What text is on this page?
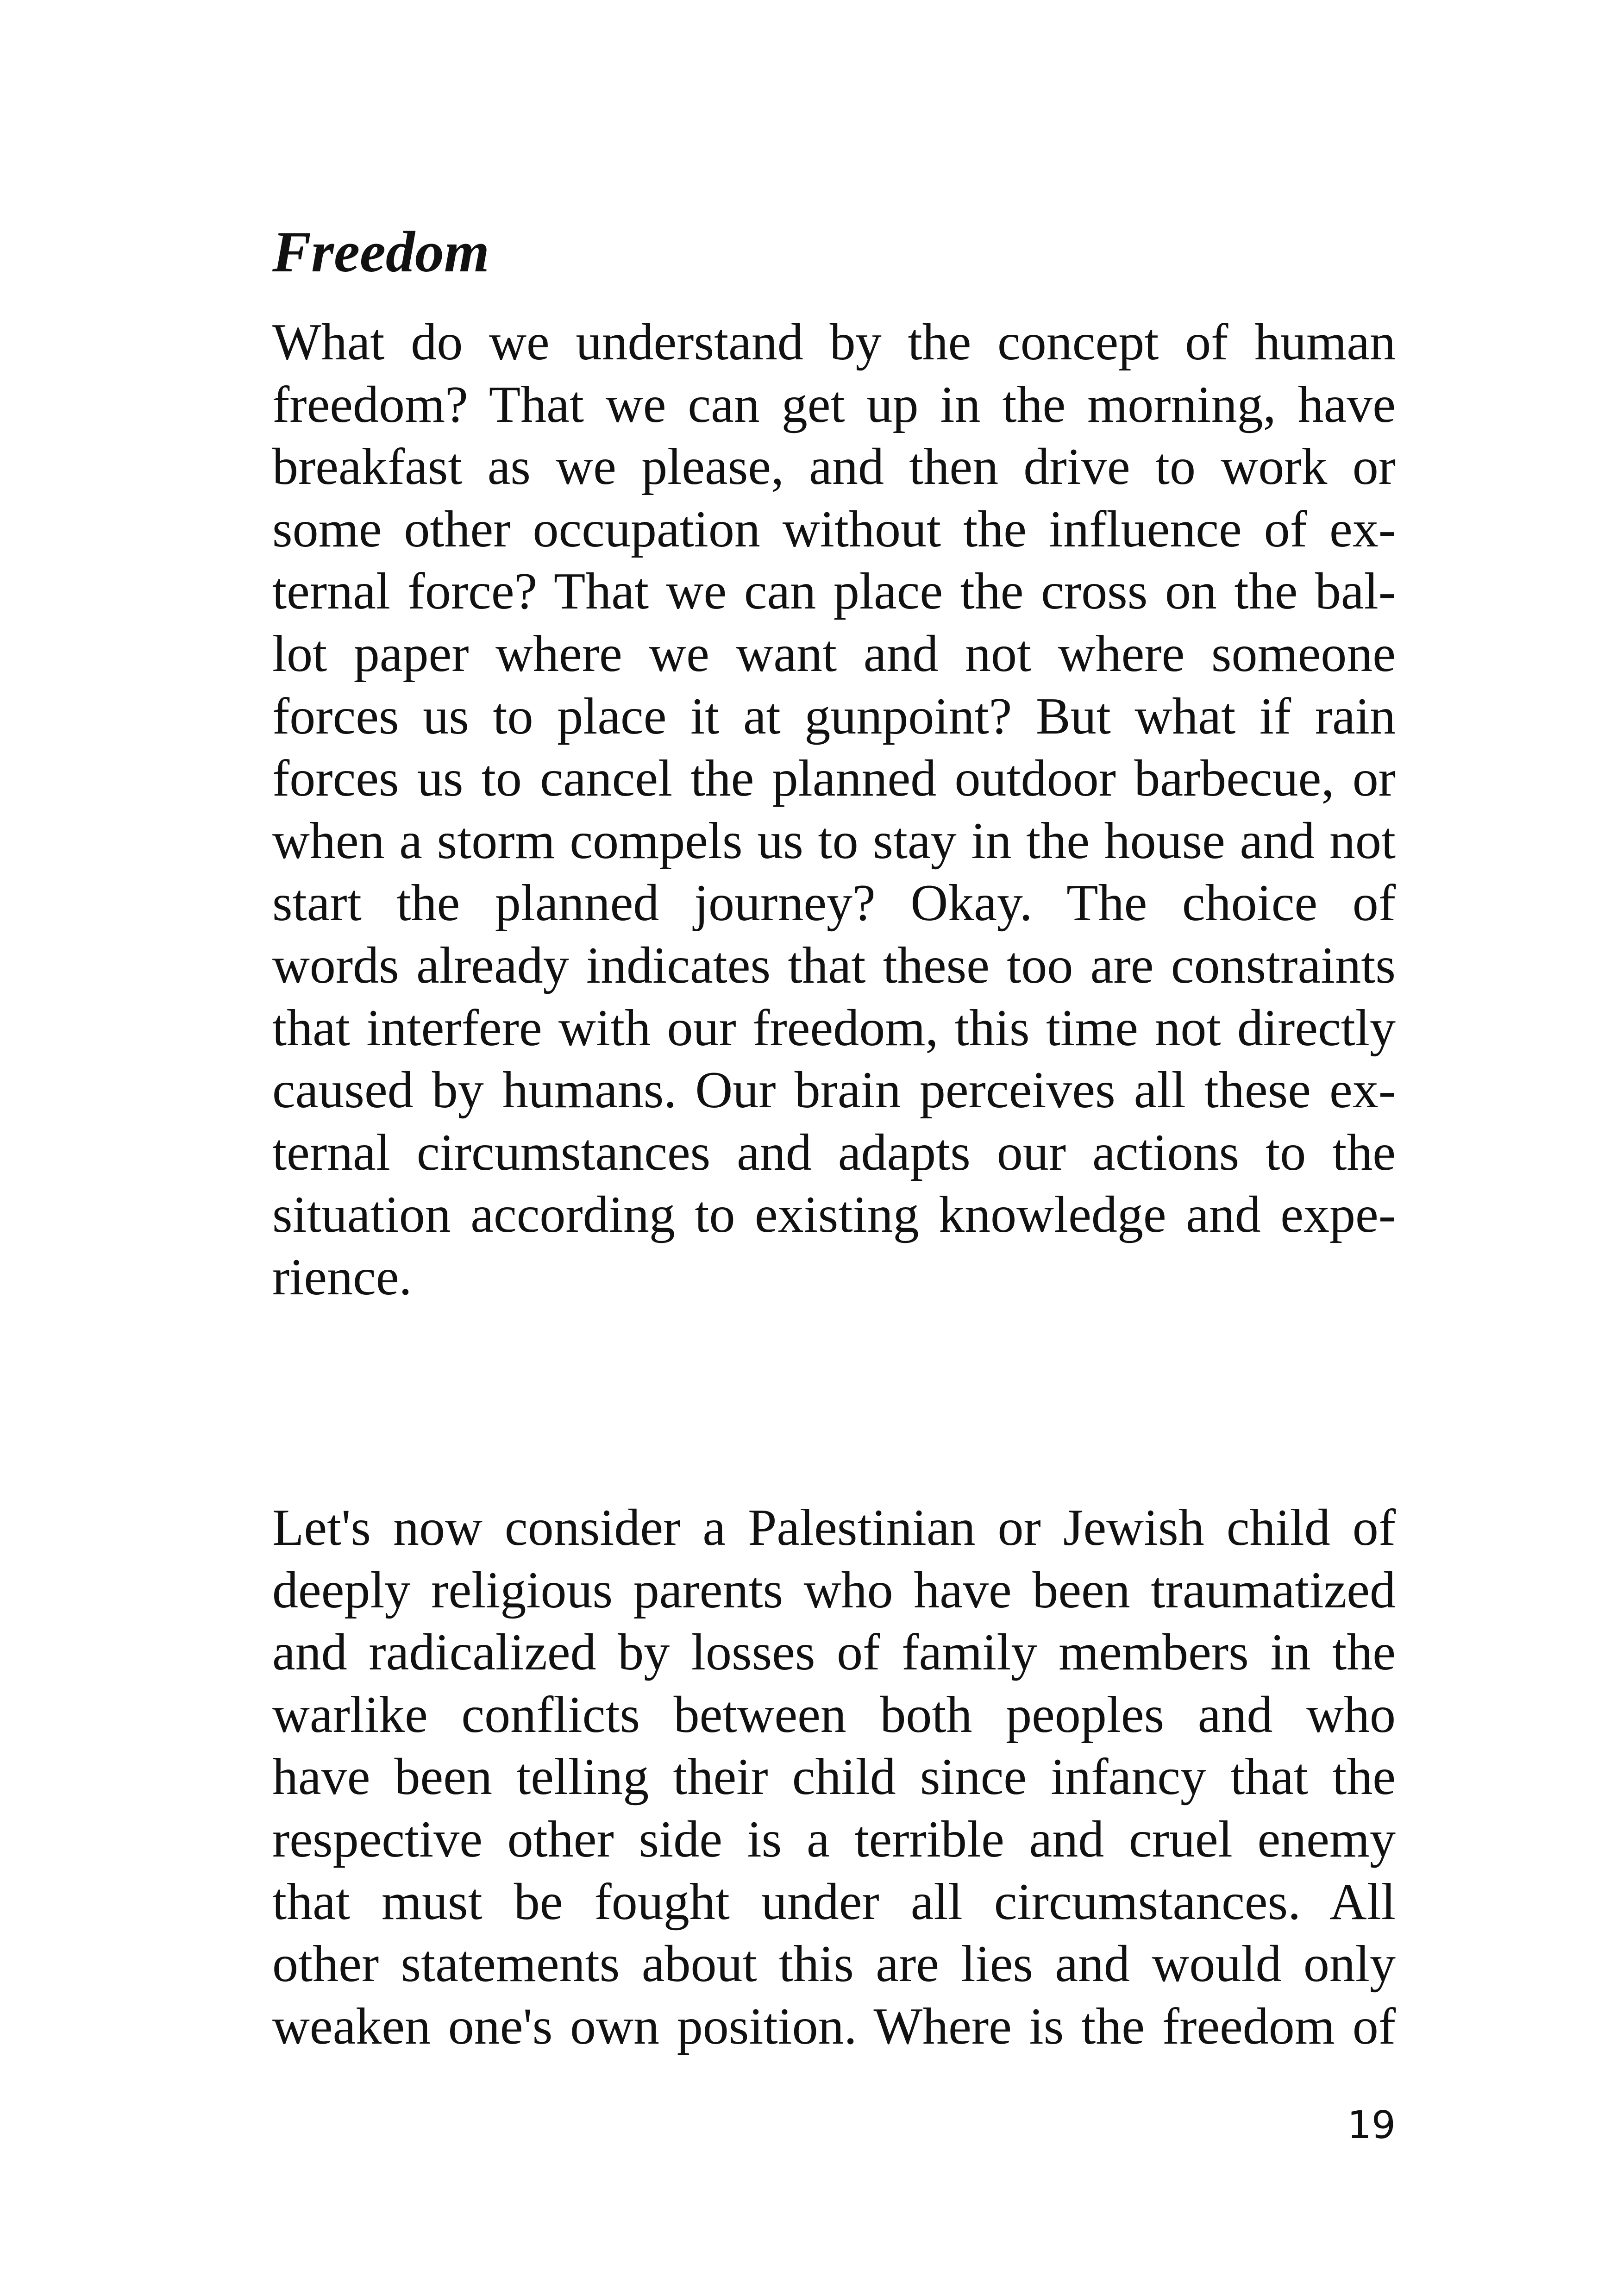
Freedom
What do we understand by the concept of human
freedom? That we can get up in the morning, have
breakfast as we please, and then drive to work or
some other occupation without the influence of ex-
ternal force? That we can place the cross on the bal-
lot paper where we want and not where someone
forces us to place it at gunpoint? But what if rain
forces us to cancel the planned outdoor barbecue, or
when a storm compels us to stay in the house and not
start the planned journey? Okay. The choice of
words already indicates that these too are constraints
that interfere with our freedom, this time not directly
caused by humans. Our brain perceives all these ex-
ternal circumstances and adapts our actions to the
situation according to existing knowledge and expe-
rience.
Let's now consider a Palestinian or Jewish child of
deeply religious parents who have been traumatized
and radicalized by losses of family members in the
warlike conflicts between both peoples and who
have been telling their child since infancy that the
respective other side is a terrible and cruel enemy
that must be fought under all circumstances. All
other statements about this are lies and would only
weaken one's own position. Where is the freedom of
19
